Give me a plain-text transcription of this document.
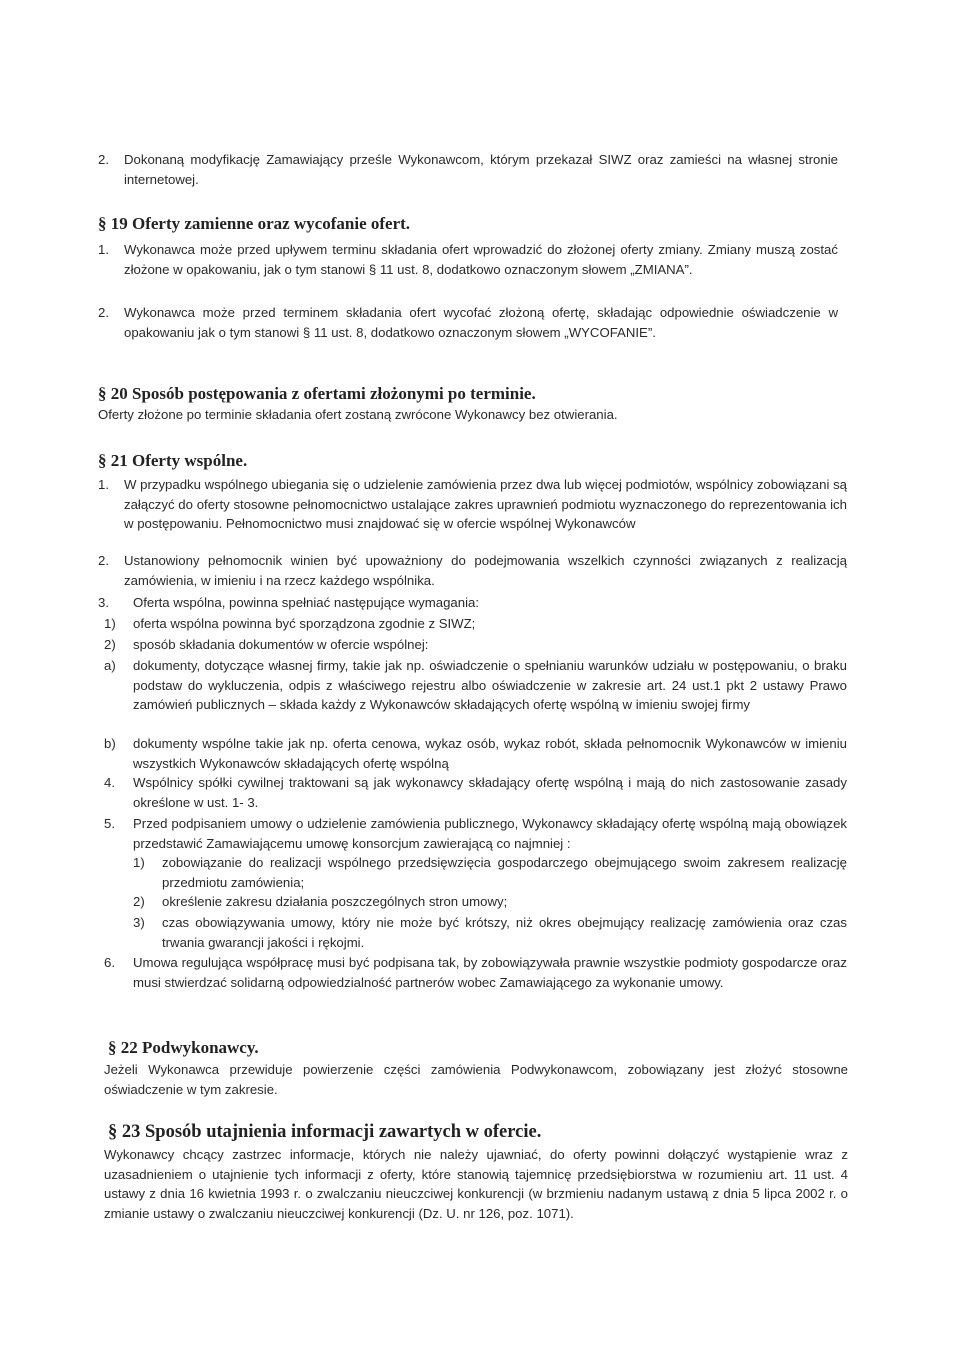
2. Dokonaną modyfikację Zamawiający prześle Wykonawcom, którym przekazał SIWZ oraz zamieści na własnej stronie internetowej.

§ 19 Oferty zamienne oraz wycofanie ofert.
1. Wykonawca może przed upływem terminu składania ofert wprowadzić do złożonej oferty zmiany. Zmiany muszą zostać złożone w opakowaniu, jak o tym stanowi § 11 ust. 8, dodatkowo oznaczonym słowem „ZMIANA”.

2. Wykonawca może przed terminem składania ofert wycofać złożoną ofertę, składając odpowiednie oświadczenie w opakowaniu jak o tym stanowi § 11 ust. 8, dodatkowo oznaczonym słowem „WYCOFANIE”.

§ 20 Sposób postępowania z ofertami złożonymi po terminie.
Oferty złożone po terminie składania ofert zostaną zwrócone Wykonawcy bez otwierania.
§ 21 Oferty wspólne.
1. W przypadku wspólnego ubiegania się o udzielenie zamówienia przez dwa lub więcej podmiotów, wspólnicy zobowiązani są załączyć do oferty stosowne pełnomocnictwo ustalające zakres uprawnień podmiotu wyznaczonego do reprezentowania ich w postępowaniu. Pełnomocnictwo musi znajdować się w ofercie wspólnej Wykonawców

2. Ustanowiony pełnomocnik winien być upoważniony do podejmowania wszelkich czynności związanych z realizacją zamówienia, w imieniu i na rzecz każdego wspólnika.

3. Oferta wspólna, powinna spełniać następujące wymagania:

1) oferta wspólna powinna być sporządzona zgodnie z SIWZ;

2) sposób składania dokumentów w ofercie wspólnej:

a) dokumenty, dotyczące własnej firmy, takie jak np. oświadczenie o spełnianiu warunków udziału w postępowaniu, o braku podstaw do wykluczenia, odpis z właściwego rejestru albo oświadczenie w zakresie art. 24 ust.1 pkt 2 ustawy Prawo zamówień publicznych – składa każdy z Wykonawców składających ofertę wspólną w imieniu swojej firmy

b) dokumenty wspólne takie jak np. oferta cenowa, wykaz osób, wykaz robót, składa pełnomocnik Wykonawców w imieniu wszystkich Wykonawców składających ofertę wspólną

4. Wspólnicy spółki cywilnej traktowani są jak wykonawcy składający ofertę wspólną i mają do nich zastosowanie zasady określone w ust. 1- 3.

5. Przed podpisaniem umowy o udzielenie zamówienia publicznego, Wykonawcy składający ofertę wspólną mają obowiązek przedstawić Zamawiającemu umowę konsorcjum zawierającą co najmniej :

1) zobowiązanie do realizacji wspólnego przedsięwzięcia gospodarczego obejmującego swoim zakresem realizację przedmiotu zamówienia;

2) określenie zakresu działania poszczególnych stron umowy;

3) czas obowiązywania umowy, który nie może być krótszy, niż okres obejmujący realizację zamówienia oraz czas trwania gwarancji jakości i rękojmi.

6. Umowa regulująca współpracę musi być podpisana tak, by zobowiązywała prawnie wszystkie podmioty gospodarcze oraz musi stwierdzać solidarną odpowiedzialność partnerów wobec Zamawiającego za wykonanie umowy.

§ 22 Podwykonawcy.

Jeżeli Wykonawca przewiduje powierzenie części zamówienia Podwykonawcom, zobowiązany jest złożyć stosowne oświadczenie w tym zakresie.

§ 23 Sposób utajnienia informacji zawartych w ofercie.

Wykonawcy chcący zastrzec informacje, których nie należy ujawniać, do oferty powinni dołączyć wystąpienie wraz z uzasadnieniem o utajnienie tych informacji z oferty, które stanowią tajemnicę przedsiębiorstwa w rozumieniu art. 11 ust. 4 ustawy z dnia 16 kwietnia 1993 r. o zwalczaniu nieuczciwej konkurencji (w brzmieniu nadanym ustawą z dnia 5 lipca 2002 r. o zmianie ustawy o zwalczaniu nieuczciwej konkurencji (Dz. U. nr 126, poz. 1071).
